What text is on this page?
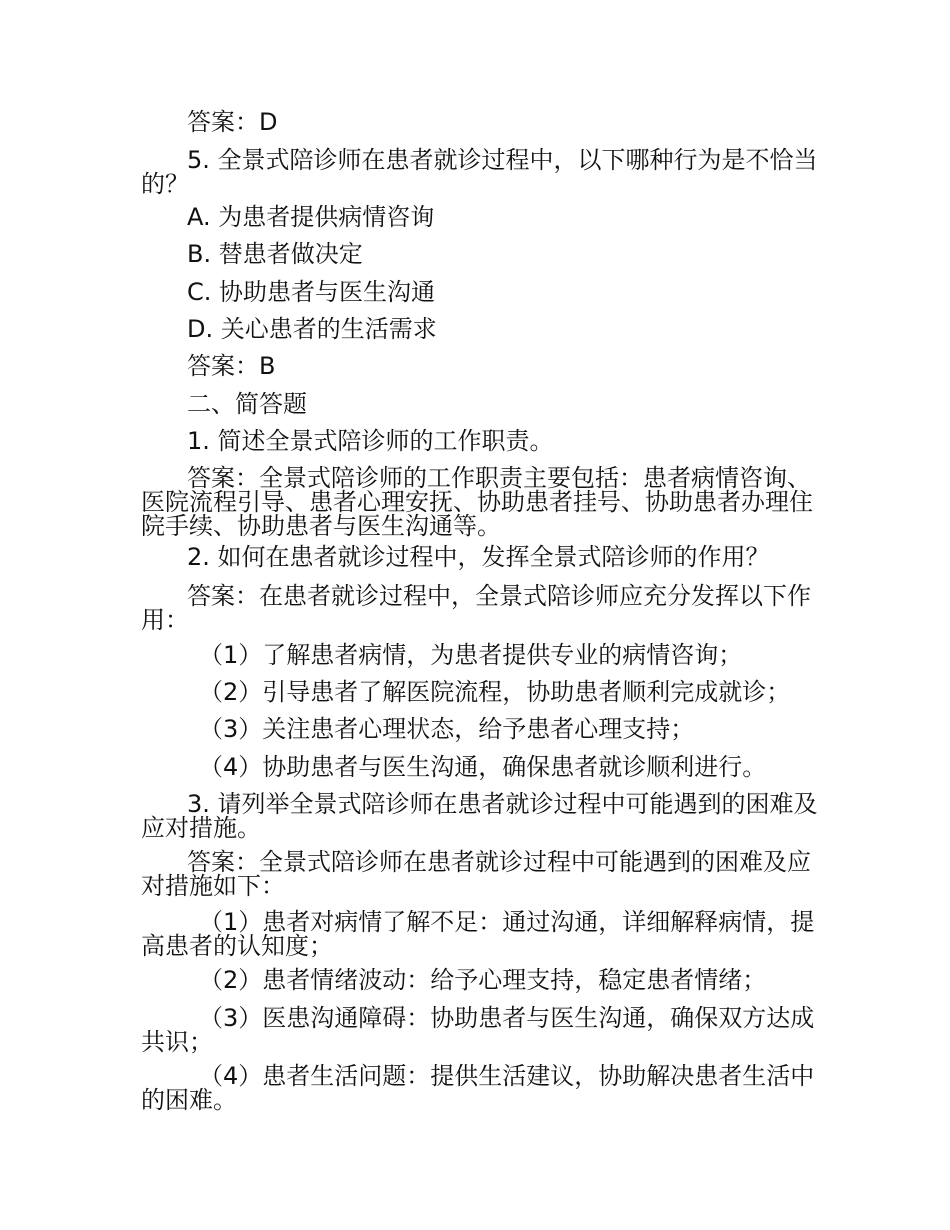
答案：D
5. 全景式陪诊师在患者就诊过程中，以下哪种行为是不恰当的？
A. 为患者提供病情咨询
B. 替患者做决定
C. 协助患者与医生沟通
D. 关心患者的生活需求
答案：B
二、简答题
1. 简述全景式陪诊师的工作职责。
答案：全景式陪诊师的工作职责主要包括：患者病情咨询、医院流程引导、患者心理安抚、协助患者挂号、协助患者办理住院手续、协助患者与医生沟通等。
2. 如何在患者就诊过程中，发挥全景式陪诊师的作用？
答案：在患者就诊过程中，全景式陪诊师应充分发挥以下作用：
（1）了解患者病情，为患者提供专业的病情咨询；
（2）引导患者了解医院流程，协助患者顺利完成就诊；
（3）关注患者心理状态，给予患者心理支持；
（4）协助患者与医生沟通，确保患者就诊顺利进行。
3. 请列举全景式陪诊师在患者就诊过程中可能遇到的困难及应对措施。
答案：全景式陪诊师在患者就诊过程中可能遇到的困难及应对措施如下：
（1）患者对病情了解不足：通过沟通，详细解释病情，提高患者的认知度；
（2）患者情绪波动：给予心理支持，稳定患者情绪；
（3）医患沟通障碍：协助患者与医生沟通，确保双方达成共识；
（4）患者生活问题：提供生活建议，协助解决患者生活中的困难。
